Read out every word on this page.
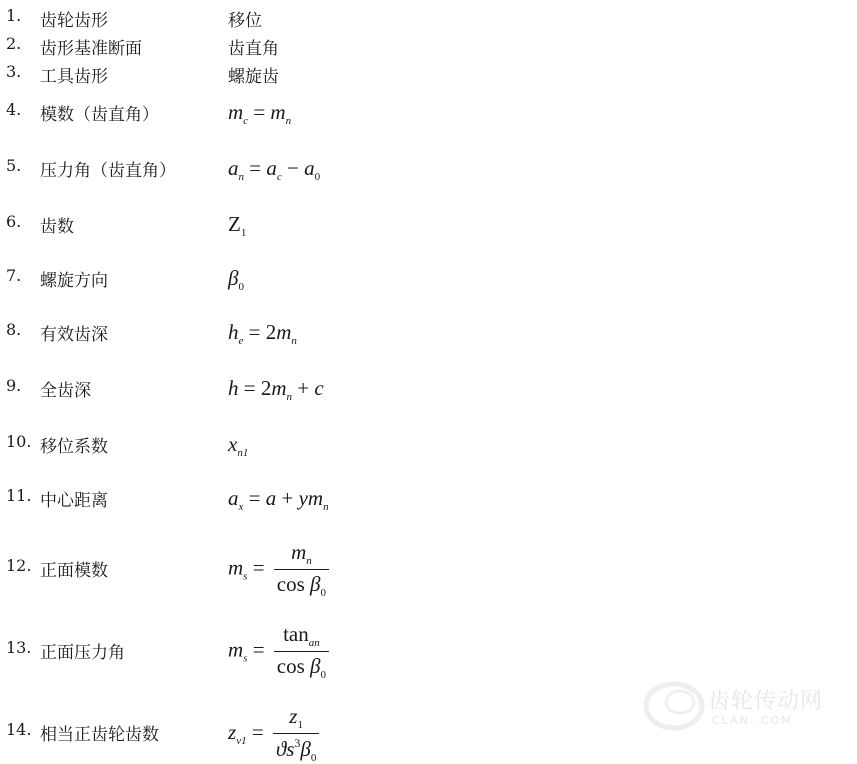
1. 齿轮齿形	移位
2. 齿形基准断面	齿直角
3. 工具齿形	螺旋齿
4. 模数（齿直角）	$m_c = m_n$
5. 压力角（齿直角） $a_n = a_c - a_0$
6. 齿数	$Z_1$
7. 螺旋方向	$\beta_0$
8. 有效齿深	$h_e = 2m_n$
9. 全齿深	$h = 2m_n + c$
10. 移位系数	$x_{n1}$
11. 中心距离	$a_x = a + ym_n$
12. 正面模数	$m_s = \frac{m_n}{\cos \beta_0}$
13. 正面压力角	$m_s = \frac{\tan_{an}}{\cos \beta_0}$
14. 相当正齿轮齿数	$z_{v1} = \frac{z_1}{ϑs^3\beta_0}$
齿轮传动网
CLAN..COM
